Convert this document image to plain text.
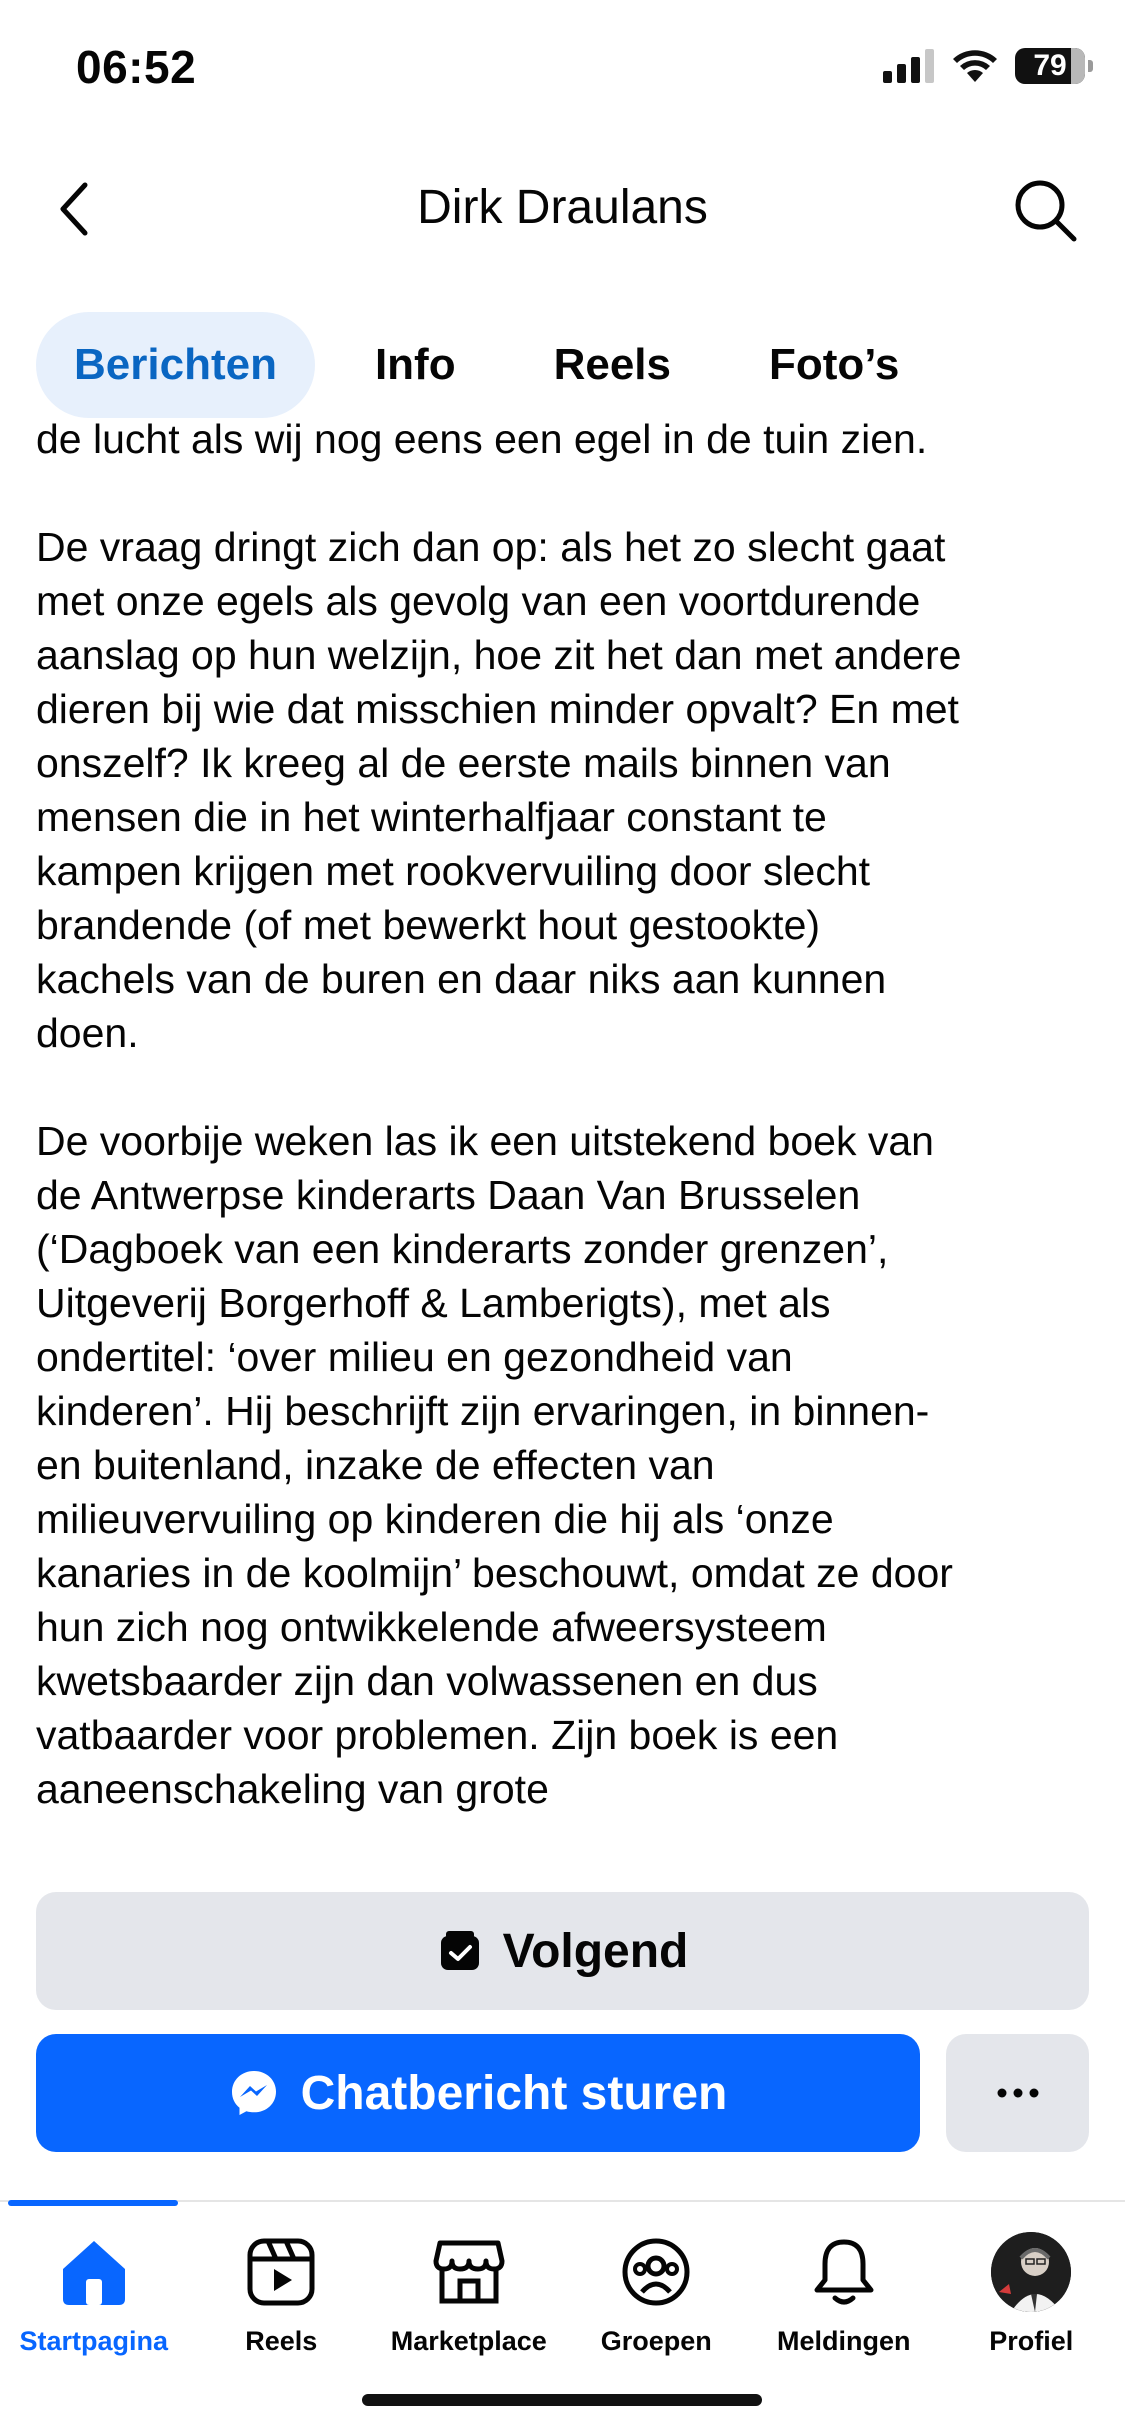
06:52	79
Dirk Draulans
Berichten	Info	Reels	Foto’s
de lucht als wij nog eens een egel in de tuin zien.
De vraag dringt zich dan op: als het zo slecht gaat
met onze egels als gevolg van een voortdurende
aanslag op hun welzijn, hoe zit het dan met andere
dieren bij wie dat misschien minder opvalt? En met
onszelf? Ik kreeg al de eerste mails binnen van
mensen die in het winterhalfjaar constant te
kampen krijgen met rookvervuiling door slecht
brandende (of met bewerkt hout gestookte)
kachels van de buren en daar niks aan kunnen
doen.
De voorbije weken las ik een uitstekend boek van
de Antwerpse kinderarts Daan Van Brusselen
(‘Dagboek van een kinderarts zonder grenzen’,
Uitgeverij Borgerhoff & Lamberigts), met als
ondertitel: ‘over milieu en gezondheid van
kinderen’. Hij beschrijft zijn ervaringen, in binnen-
en buitenland, inzake de effecten van
milieuvervuiling op kinderen die hij als ‘onze
kanaries in de koolmijn’ beschouwt, omdat ze door
hun zich nog ontwikkelende afweersysteem
kwetsbaarder zijn dan volwassenen en dus
vatbaarder voor problemen. Zijn boek is een
aaneenschakeling van grote
Volgend
Chatbericht sturen
Startpagina	Reels	Marketplace Groepen Meldingen	Profiel
